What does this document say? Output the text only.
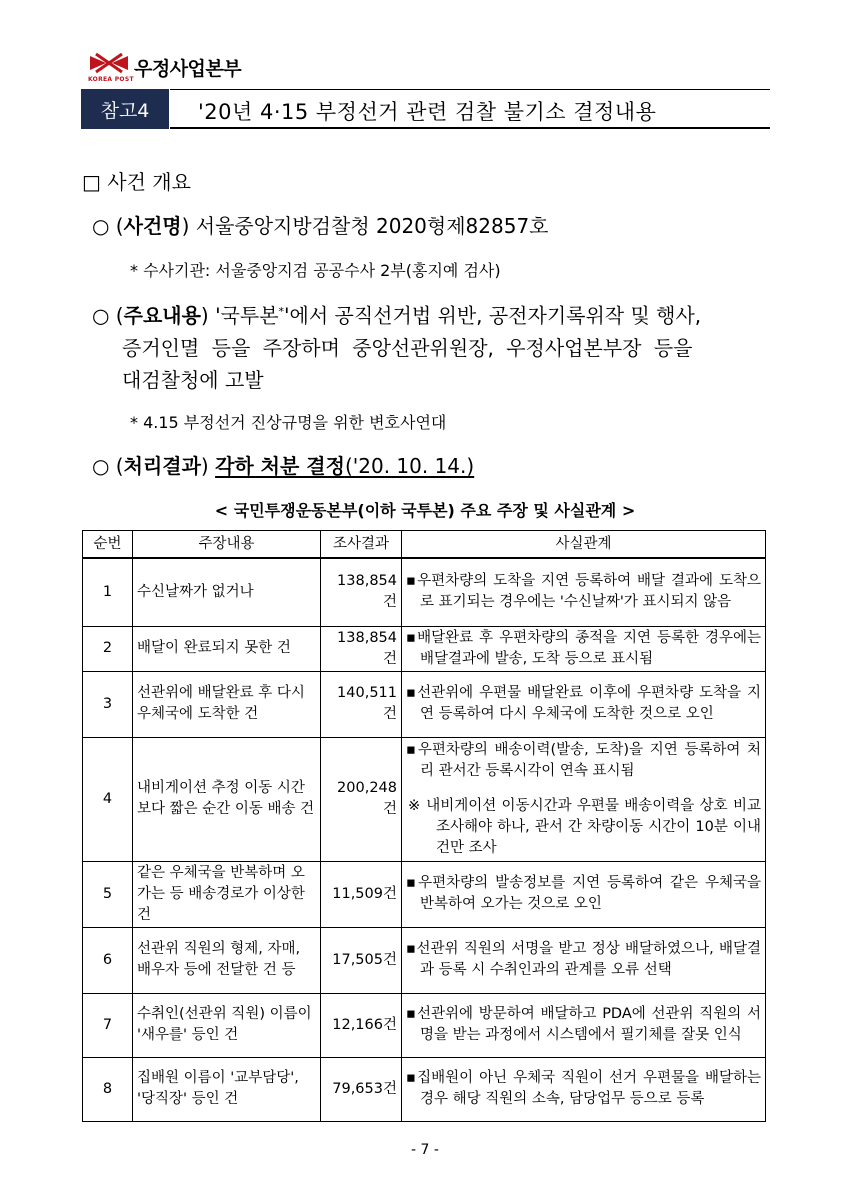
우정사업본부
KOREA POST
참고4	'20년 4·15 부정선거 관련 검찰 불기소 결정내용
□ 사건 개요
○ (사건명) 서울중앙지방검찰청 2020형제82857호
* 수사기관: 서울중앙지검 공공수사 2부(홍지예 검사)
○ (주요내용) '국투본*'에서 공직선거법 위반, 공전자기록위작 및 행사,
증거인멸 등을 주장하며 중앙선관위원장, 우정사업본부장 등을
대검찰청에 고발
* 4.15 부정선거 진상규명을 위한 변호사연대
○ (처리결과) 각하 처분 결정('20. 10. 14.)
< 국민투쟁운동본부(이하 국투본) 주요 주장 및 사실관계 >
순번	주장내용	조사결과	사실관계
1	수신날짜가 없거나	138,854건	▪우편차량의 도착을 지연 등록하여 배달 결과에 도착으로 표기되는 경우에는 '수신날짜'가 표시되지 않음

2	배달이 완료되지 못한 건	138,854건	▪배달완료 후 우편차량의 종적을 지연 등록한 경우에는 배달결과에 발송, 도착 등으로 표시됨

3	선관위에 배달완료 후 다시 우체국에 도착한 건	140,511건	▪선관위에 우편물 배달완료 이후에 우편차량 도착을 지연 등록하여 다시 우체국에 도착한 것으로 오인

4	내비게이션 추정 이동 시간보다 짧은 순간 이동 배송 건	200,248건	▪우편차량의 배송이력(발송, 도착)을 지연 등록하여 처리 관서간 등록시각이 연속 표시됨
※ 내비게이션 이동시간과 우편물 배송이력을 상호 비교 조사해야 하나, 관서 간 차량이동 시간이 10분 이내 건만 조사

5	같은 우체국을 반복하며 오가는 등 배송경로가 이상한 건	11,509건	▪우편차량의 발송정보를 지연 등록하여 같은 우체국을 반복하여 오가는 것으로 오인

6	선관위 직원의 형제, 자매, 배우자 등에 전달한 건 등	17,505건	▪선관위 직원의 서명을 받고 정상 배달하였으나, 배달결과 등록 시 수취인과의 관계를 오류 선택

7	수취인(선관위 직원) 이름이 '새우를' 등인 건	12,166건	▪선관위에 방문하여 배달하고 PDA에 선관위 직원의 서명을 받는 과정에서 시스템에서 필기체를 잘못 인식

8	집배원 이름이 '교부담당', '당직장' 등인 건	79,653건	▪집배원이 아닌 우체국 직원이 선거 우편물을 배달하는 경우 해당 직원의 소속, 담당업무 등으로 등록
- 7 -
